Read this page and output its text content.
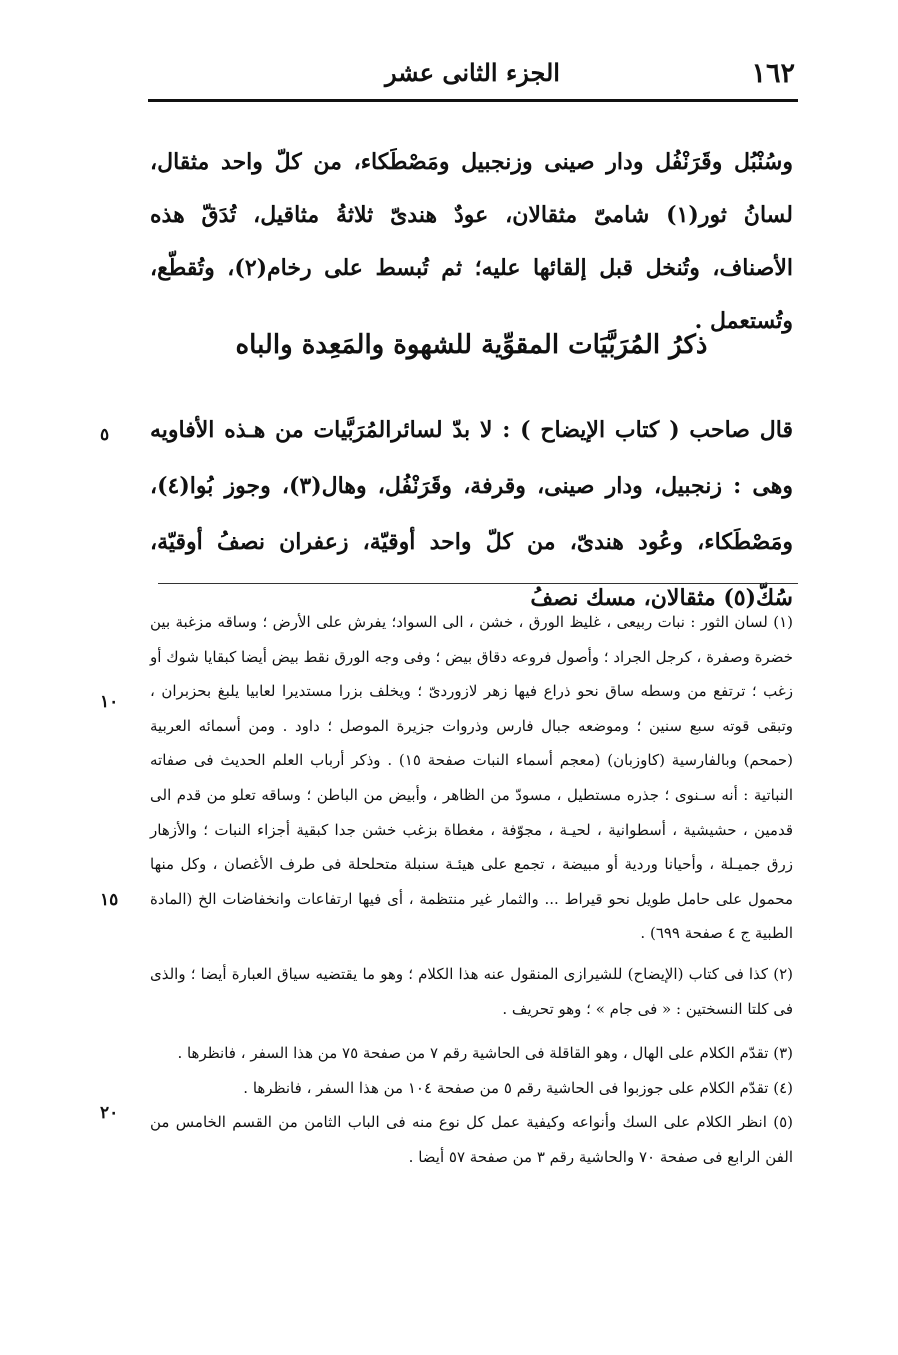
١٦٢
الجزء الثانى عشر

وسُنْبُل وقَرَنْفُل ودار صينى وزنجبيل ومَصْطَكاء، من كلّ واحد مثقال، لسانُ ثور(١) شامىّ مثقالان، عودٌ هندىّ ثلاثةُ مثاقيل، تُدَقّ هذه الأصناف، وتُنخل قبل إلقائها عليه؛ ثم تُبسط على رخام(٢)، وتُقطّع، وتُستعمل .

ذكرُ المُرَبَّيَات المقوِّية للشهوة والمَعِدة والباه

قال صاحب ( كتاب الإيضاح ) : لا بدّ لسائرالمُرَبَّيات من هـذه الأفاويه وهى : زنجبيل، ودار صينى، وقرفة، وقَرَنْفُل، وهال(٣)، وجوز بُوا(٤)، ومَصْطَكاء، وعُود هندىّ، من كلّ واحد أوقيّة، زعفران نصفُ أوقيّة، سُكّ(٥) مثقالان، مسك نصفُ

(١) لسان الثور : نبات ربيعى ، غليظ الورق ، خشن ، الى السواد؛ يفرش على الأرض ؛ وساقه مزغبة بين خضرة وصفرة ، كرجل الجراد ؛ وأصول فروعه دقاق بيض ؛ وفى وجه الورق نقط بيض أيضا كبقايا شوك أو زغب ؛ ترتفع من وسطه ساق نحو ذراع فيها زهر لازوردىّ ؛ ويخلف بزرا مستديرا لعابيا يلبغ بحزبران ، وتبقى قوته سبع سنين ؛ وموضعه جبال فارس وذروات جزيرة الموصل ؛ داود . ومن أسمائه العربية (حمحم) وبالفارسية (كاوزبان) (معجم أسماء النبات صفحة ١٥) . وذكر أرباب العلم الحديث فى صفاته النباتية : أنه سـنوى ؛ جذره مستطيل ، مسودّ من الظاهر ، وأبيض من الباطن ؛ وساقه تعلو من قدم الى قدمين ، حشيشية ، أسطوانية ، لحيـة ، مجوّفة ، مغطاة بزغب خشن جدا كبقية أجزاء النبات ؛ والأزهار زرق جميـلة ، وأحيانا وردية أو مبيضة ، تجمع على هيئـة سنبلة متحلحلة فى طرف الأغصان ، وكل منها محمول على حامل طويل نحو قيراط ... والثمار غير منتظمة ، أى فيها ارتفاعات وانخفاضات الخ (المادة الطبية ج ٤ صفحة ٦٩٩) .

(٢) كذا فى كتاب (الإيضاح) للشيرازى المنقول عنه هذا الكلام ؛ وهو ما يقتضيه سياق العبارة أيضا ؛ والذى فى كلتا النسختين : « فى جام » ؛ وهو تحريف .

(٣) تقدّم الكلام على الهال ، وهو القاقلة فى الحاشية رقم ٧ من صفحة ٧٥ من هذا السفر ، فانظرها .

(٤) تقدّم الكلام على جوزبوا فى الحاشية رقم ٥ من صفحة ١٠٤ من هذا السفر ، فانظرها .

(٥) انظر الكلام على السك وأنواعه وكيفية عمل كل نوع منه فى الباب الثامن من القسم الخامس من الفن الرابع فى صفحة ٧٠ والحاشية رقم ٣ من صفحة ٥٧ أيضا .

٥
١٠
١٥
٢٠
